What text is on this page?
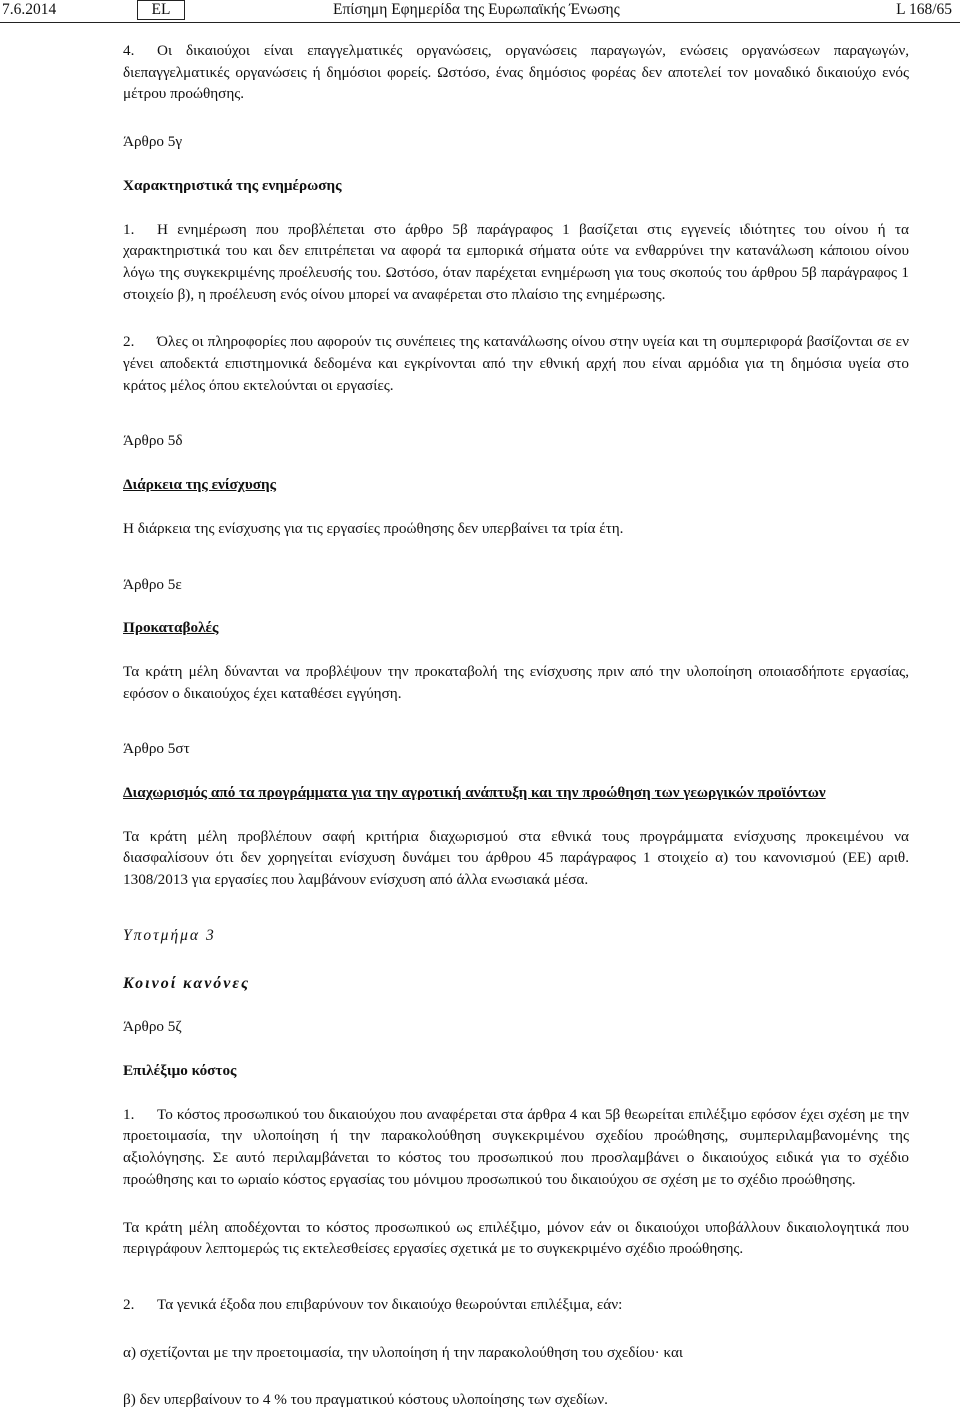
7.6.2014	EL	Επίσημη Εφημερίδα της Ευρωπαϊκής Ένωσης	L 168/65

4. Οι δικαιούχοι είναι επαγγελματικές οργανώσεις, οργανώσεις παραγωγών, ενώσεις οργανώσεων παραγωγών, διεπαγγελματικές οργανώσεις ή δημόσιοι φορείς. Ωστόσο, ένας δημόσιος φορέας δεν αποτελεί τον μοναδικό δικαιούχο ενός μέτρου προώθησης.

Άρθρο 5γ

Χαρακτηριστικά της ενημέρωσης

1. Η ενημέρωση που προβλέπεται στο άρθρο 5β παράγραφος 1 βασίζεται στις εγγενείς ιδιότητες του οίνου ή τα χαρακτηριστικά του και δεν επιτρέπεται να αφορά τα εμπορικά σήματα ούτε να ενθαρρύνει την κατανάλωση κάποιου οίνου λόγω της συγκεκριμένης προέλευσής του. Ωστόσο, όταν παρέχεται ενημέρωση για τους σκοπούς του άρθρου 5β παράγραφος 1 στοιχείο β), η προέλευση ενός οίνου μπορεί να αναφέρεται στο πλαίσιο της ενημέρωσης.

2. Όλες οι πληροφορίες που αφορούν τις συνέπειες της κατανάλωσης οίνου στην υγεία και τη συμπεριφορά βασίζονται σε εν γένει αποδεκτά επιστημονικά δεδομένα και εγκρίνονται από την εθνική αρχή που είναι αρμόδια για τη δημόσια υγεία στο κράτος μέλος όπου εκτελούνται οι εργασίες.

Άρθρο 5δ

Διάρκεια της ενίσχυσης

Η διάρκεια της ενίσχυσης για τις εργασίες προώθησης δεν υπερβαίνει τα τρία έτη.

Άρθρο 5ε

Προκαταβολές

Τα κράτη μέλη δύνανται να προβλέψουν την προκαταβολή της ενίσχυσης πριν από την υλοποίηση οποιασδήποτε εργασίας, εφόσον ο δικαιούχος έχει καταθέσει εγγύηση.

Άρθρο 5στ

Διαχωρισμός από τα προγράμματα για την αγροτική ανάπτυξη και την προώθηση των γεωργικών προϊόντων

Τα κράτη μέλη προβλέπουν σαφή κριτήρια διαχωρισμού στα εθνικά τους προγράμματα ενίσχυσης προκειμένου να διασφαλίσουν ότι δεν χορηγείται ενίσχυση δυνάμει του άρθρου 45 παράγραφος 1 στοιχείο α) του κανονισμού (ΕΕ) αριθ. 1308/2013 για εργασίες που λαμβάνουν ενίσχυση από άλλα ενωσιακά μέσα.

Υποτμήμα 3

Κοινοί κανόνες

Άρθρο 5ζ

Επιλέξιμο κόστος

1. Το κόστος προσωπικού του δικαιούχου που αναφέρεται στα άρθρα 4 και 5β θεωρείται επιλέξιμο εφόσον έχει σχέση με την προετοιμασία, την υλοποίηση ή την παρακολούθηση συγκεκριμένου σχεδίου προώθησης, συμπεριλαμβανομένης της αξιολόγησης. Σε αυτό περιλαμβάνεται το κόστος του προσωπικού που προσλαμβάνει ο δικαιούχος ειδικά για το σχέδιο προώθησης και το ωριαίο κόστος εργασίας του μόνιμου προσωπικού του δικαιούχου σε σχέση με το σχέδιο προώθησης.

Τα κράτη μέλη αποδέχονται το κόστος προσωπικού ως επιλέξιμο, μόνον εάν οι δικαιούχοι υποβάλλουν δικαιολογητικά που περιγράφουν λεπτομερώς τις εκτελεσθείσες εργασίες σχετικά με το συγκεκριμένο σχέδιο προώθησης.

2. Τα γενικά έξοδα που επιβαρύνουν τον δικαιούχο θεωρούνται επιλέξιμα, εάν:

α) σχετίζονται με την προετοιμασία, την υλοποίηση ή την παρακολούθηση του σχεδίου· και

β) δεν υπερβαίνουν το 4 % του πραγματικού κόστους υλοποίησης των σχεδίων.
